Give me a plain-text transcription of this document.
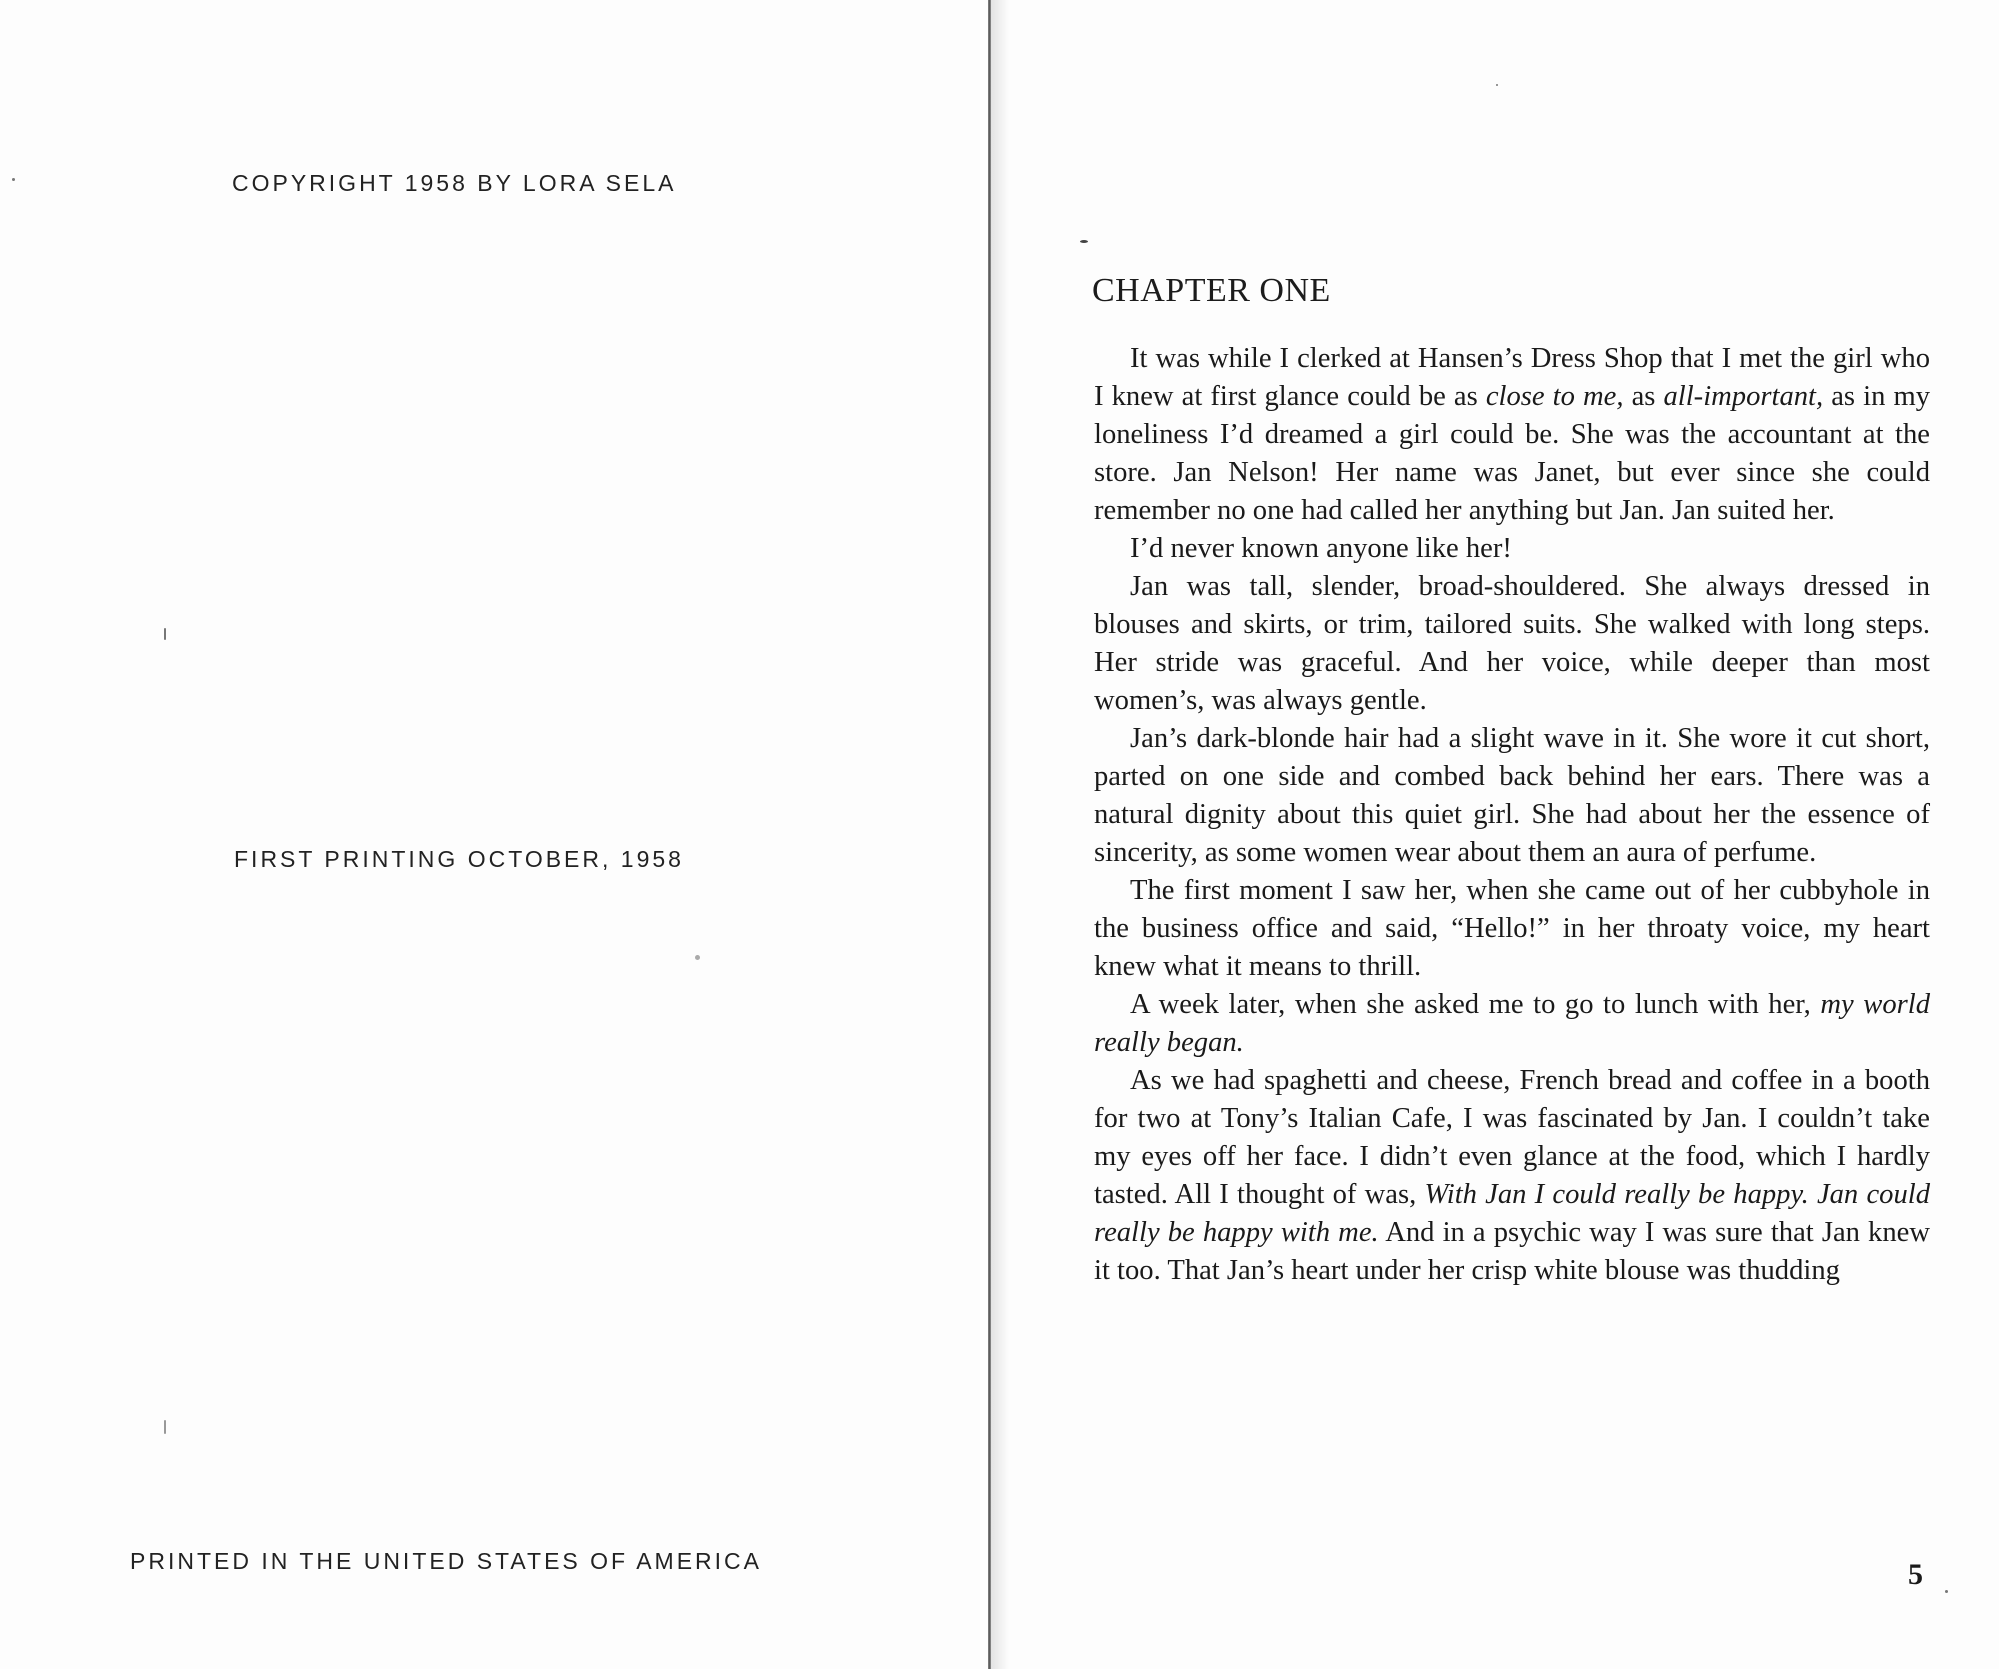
COPYRIGHT 1958 BY LORA SELA
FIRST PRINTING OCTOBER, 1958
PRINTED IN THE UNITED STATES OF AMERICA
CHAPTER ONE

It was while I clerked at Hansen’s Dress Shop that I met the girl who I knew at first glance could be as close to me, as all-important, as in my loneliness I’d dreamed a girl could be. She was the accountant at the store. Jan Nelson! Her name was Janet, but ever since she could remember no one had called her anything but Jan. Jan suited her.

I’d never known anyone like her!

Jan was tall, slender, broad-shouldered. She always dressed in blouses and skirts, or trim, tailored suits. She walked with long steps. Her stride was graceful. And her voice, while deeper than most women’s, was always gentle.

Jan’s dark-blonde hair had a slight wave in it. She wore it cut short, parted on one side and combed back behind her ears. There was a natural dignity about this quiet girl. She had about her the essence of sincerity, as some women wear about them an aura of perfume.

The first moment I saw her, when she came out of her cubbyhole in the business office and said, “Hello!” in her throaty voice, my heart knew what it means to thrill.

A week later, when she asked me to go to lunch with her, my world really began.

As we had spaghetti and cheese, French bread and coffee in a booth for two at Tony’s Italian Cafe, I was fascinated by Jan. I couldn’t take my eyes off her face. I didn’t even glance at the food, which I hardly tasted. All I thought of was, With Jan I could really be happy. Jan could really be happy with me. And in a psychic way I was sure that Jan knew it too. That Jan’s heart under her crisp white blouse was thudding

5
